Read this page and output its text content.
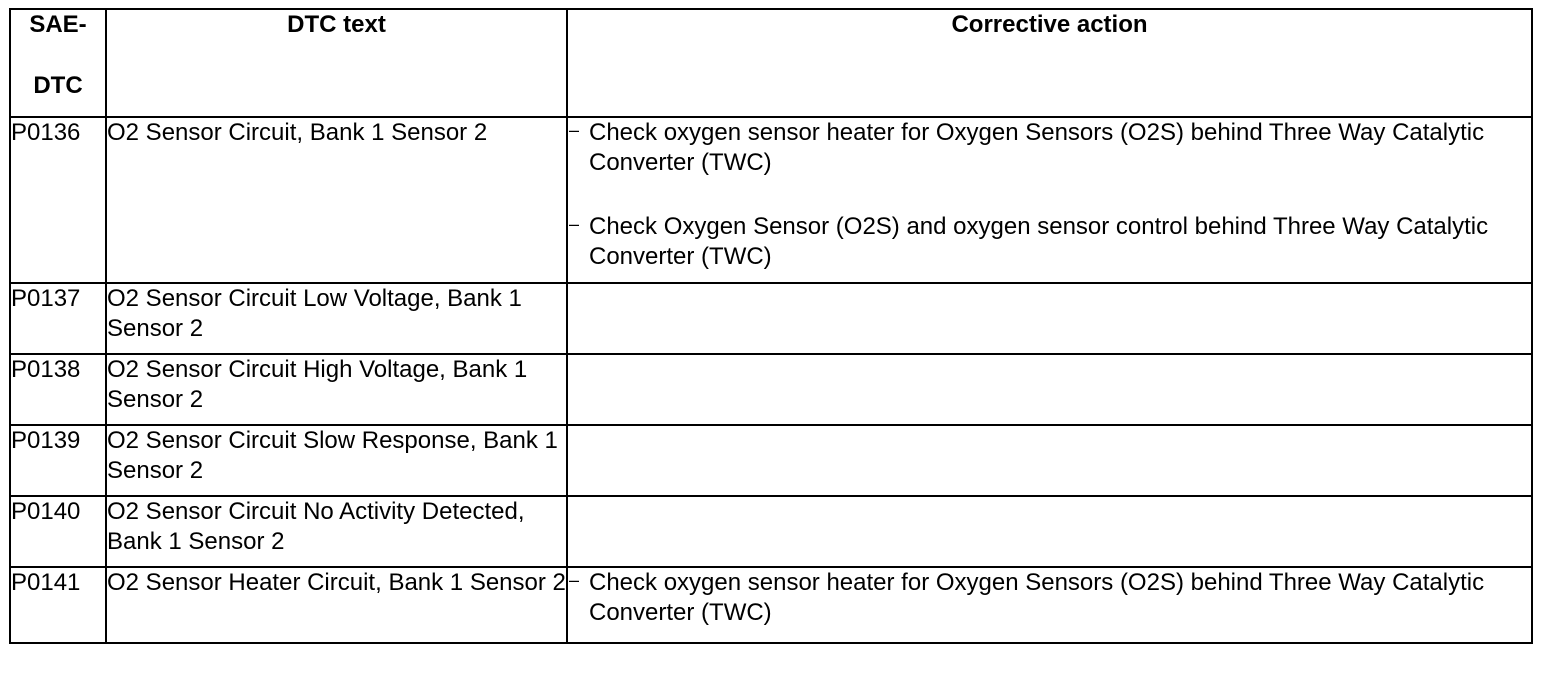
SAE-
DTC	DTC text	Corrective action
P0136	O2 Sensor Circuit, Bank 1 Sensor 2	– Check oxygen sensor heater for Oxygen Sensors (O2S) behind Three Way Catalytic Converter (TWC)
– Check Oxygen Sensor (O2S) and oxygen sensor control behind Three Way Catalytic Converter (TWC)

P0137	O2 Sensor Circuit Low Voltage, Bank 1 Sensor 2	
P0138	O2 Sensor Circuit High Voltage, Bank 1 Sensor 2	
P0139	O2 Sensor Circuit Slow Response, Bank 1 Sensor 2	
P0140	O2 Sensor Circuit No Activity Detected, Bank 1 Sensor 2	
P0141	O2 Sensor Heater Circuit, Bank 1 Sensor 2	– Check oxygen sensor heater for Oxygen Sensors (O2S) behind Three Way Catalytic Converter (TWC)
